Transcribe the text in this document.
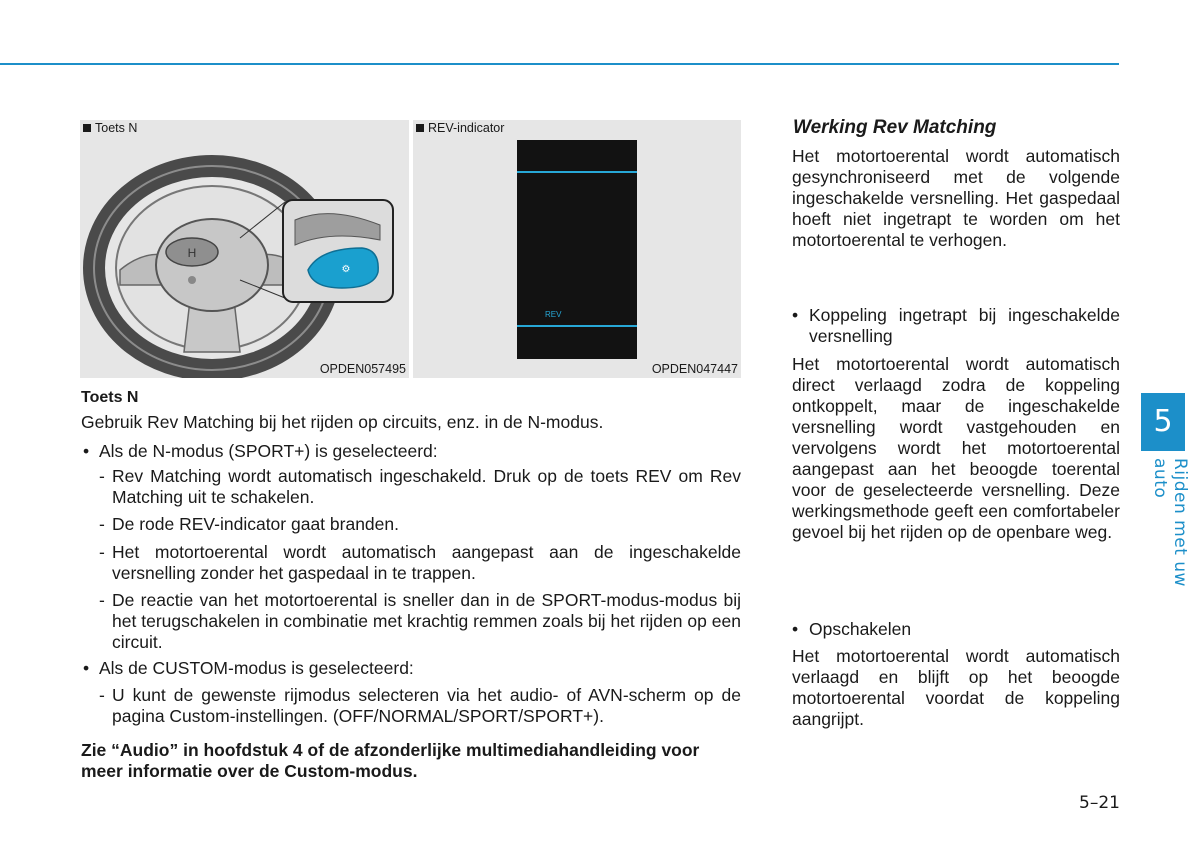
H
⚙
Toets N
OPDEN057495
REV-indicator
REV
OPDEN047447
Toets N
Gebruik Rev Matching bij het rijden op circuits, enz. in de N-modus.
• Als de N-modus (SPORT+) is geselecteerd:
- Rev Matching wordt automatisch ingeschakeld. Druk op de toets REV om Rev Matching uit te schakelen.
- De rode REV-indicator gaat branden.
- Het motortoerental wordt automatisch aangepast aan de ingeschakelde versnelling zonder het gaspedaal in te trappen.
- De reactie van het motortoerental is sneller dan in de SPORT-modus-modus bij het terugschakelen in combinatie met krachtig remmen zoals bij het rijden op een circuit.
• Als de CUSTOM-modus is geselecteerd:
- U kunt de gewenste rijmodus selecteren via het audio- of AVN-scherm op de pagina Custom-instellingen. (OFF/NORMAL/SPORT/SPORT+).
Zie “Audio” in hoofdstuk 4 of de afzonderlijke multimediahandleiding voor meer informatie over de Custom-modus.
Werking Rev Matching
Het motortoerental wordt automatisch gesynchroniseerd met de volgende ingeschakelde versnelling. Het gaspedaal hoeft niet ingetrapt te worden om het motortoerental te verhogen.
• Koppeling ingetrapt bij ingeschakelde versnelling
Het motortoerental wordt automatisch direct verlaagd zodra de koppeling ontkoppelt, maar de ingeschakelde versnelling wordt vastgehouden en vervolgens wordt het motortoerental aangepast aan het beoogde toerental voor de geselecteerde versnelling. Deze werkingsmethode geeft een comfortabeler gevoel bij het rijden op de openbare weg.
• Opschakelen
Het motortoerental wordt automatisch verlaagd en blijft op het beoogde motortoerental voordat de koppeling aangrijpt.
5
Rijden met uw auto
5–21
